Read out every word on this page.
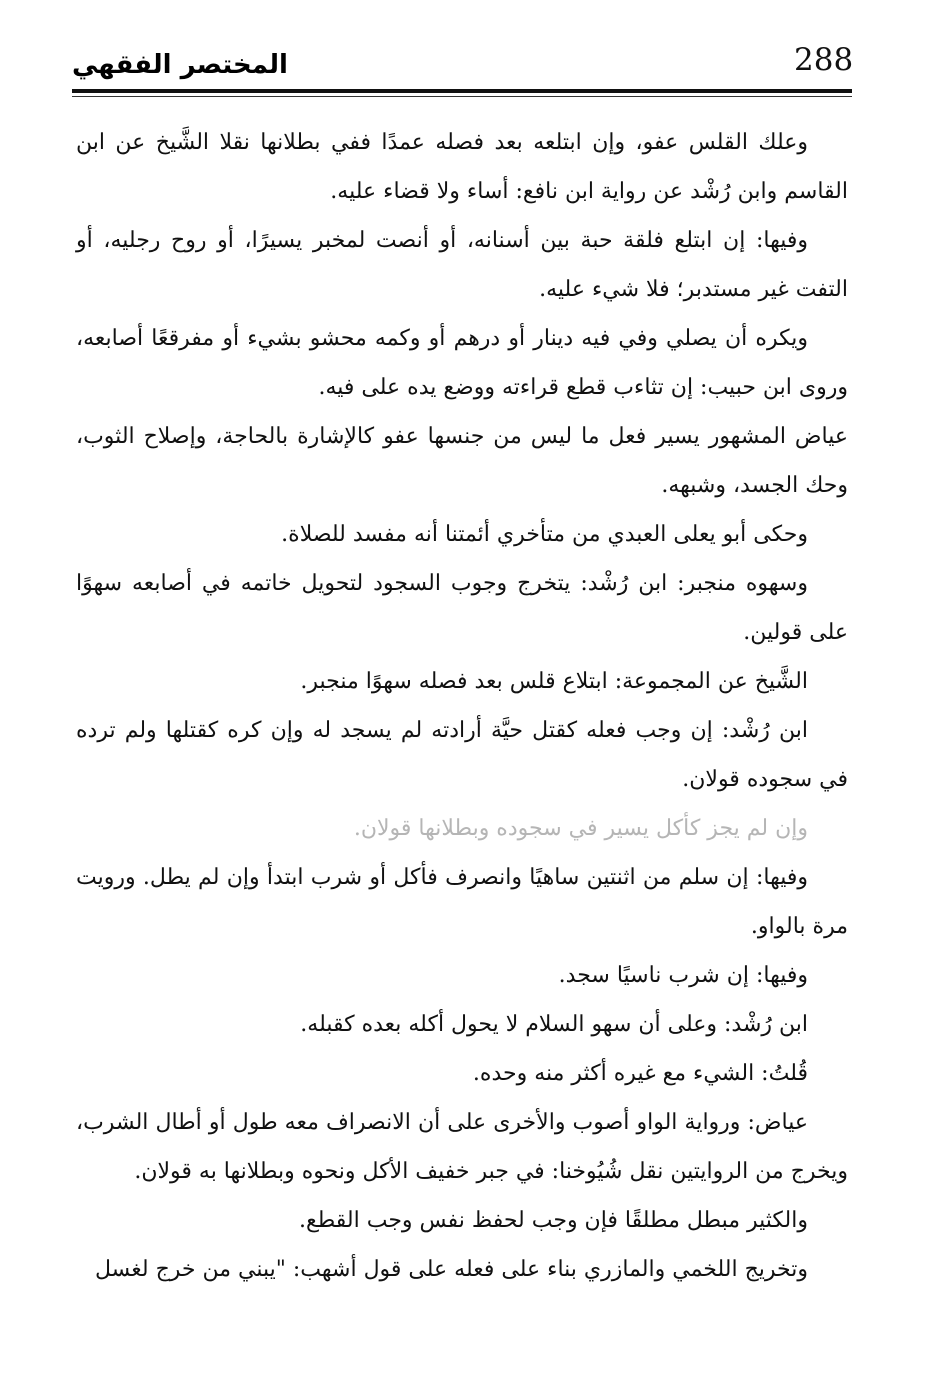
288
المختصر الفقهي

وعلك القلس عفو، وإن ابتلعه بعد فصله عمدًا ففي بطلانها نقلا الشَّيخ عن ابن القاسم وابن رُشْد عن رواية ابن نافع: أساء ولا قضاء عليه.

وفيها: إن ابتلع فلقة حبة بين أسنانه، أو أنصت لمخبر يسيرًا، أو روح رجليه، أو التفت غير مستدبر؛ فلا شيء عليه.

ويكره أن يصلي وفي فيه دينار أو درهم أو وكمه محشو بشيء أو مفرقعًا أصابعه، وروى ابن حبيب: إن تثاءب قطع قراءته ووضع يده على فيه.

عياض المشهور يسير فعل ما ليس من جنسها عفو كالإشارة بالحاجة، وإصلاح الثوب، وحك الجسد، وشبهه.

وحكى أبو يعلى العبدي من متأخري أئمتنا أنه مفسد للصلاة.

وسهوه منجبر: ابن رُشْد: يتخرج وجوب السجود لتحويل خاتمه في أصابعه سهوًا على قولين.

الشَّيخ عن المجموعة: ابتلاع قلس بعد فصله سهوًا منجبر.

ابن رُشْد: إن وجب فعله كقتل حيَّة أرادته لم يسجد له وإن كره كقتلها ولم ترده في سجوده قولان.

وإن لم يجز كأكل يسير في سجوده وبطلانها قولان.

وفيها: إن سلم من اثنتين ساهيًا وانصرف فأكل أو شرب ابتدأ وإن لم يطل. ورويت مرة بالواو.

وفيها: إن شرب ناسيًا سجد.

ابن رُشْد: وعلى أن سهو السلام لا يحول أكله بعده كقبله.

قُلتُ: الشيء مع غيره أكثر منه وحده.

عياض: ورواية الواو أصوب والأخرى على أن الانصراف معه طول أو أطال الشرب، ويخرج من الروايتين نقل شُيُوخنا: في جبر خفيف الأكل ونحوه وبطلانها به قولان.

والكثير مبطل مطلقًا فإن وجب لحفظ نفس وجب القطع.

وتخريج اللخمي والمازري بناء على فعله على قول أشهب: "يبني من خرج لغسل
